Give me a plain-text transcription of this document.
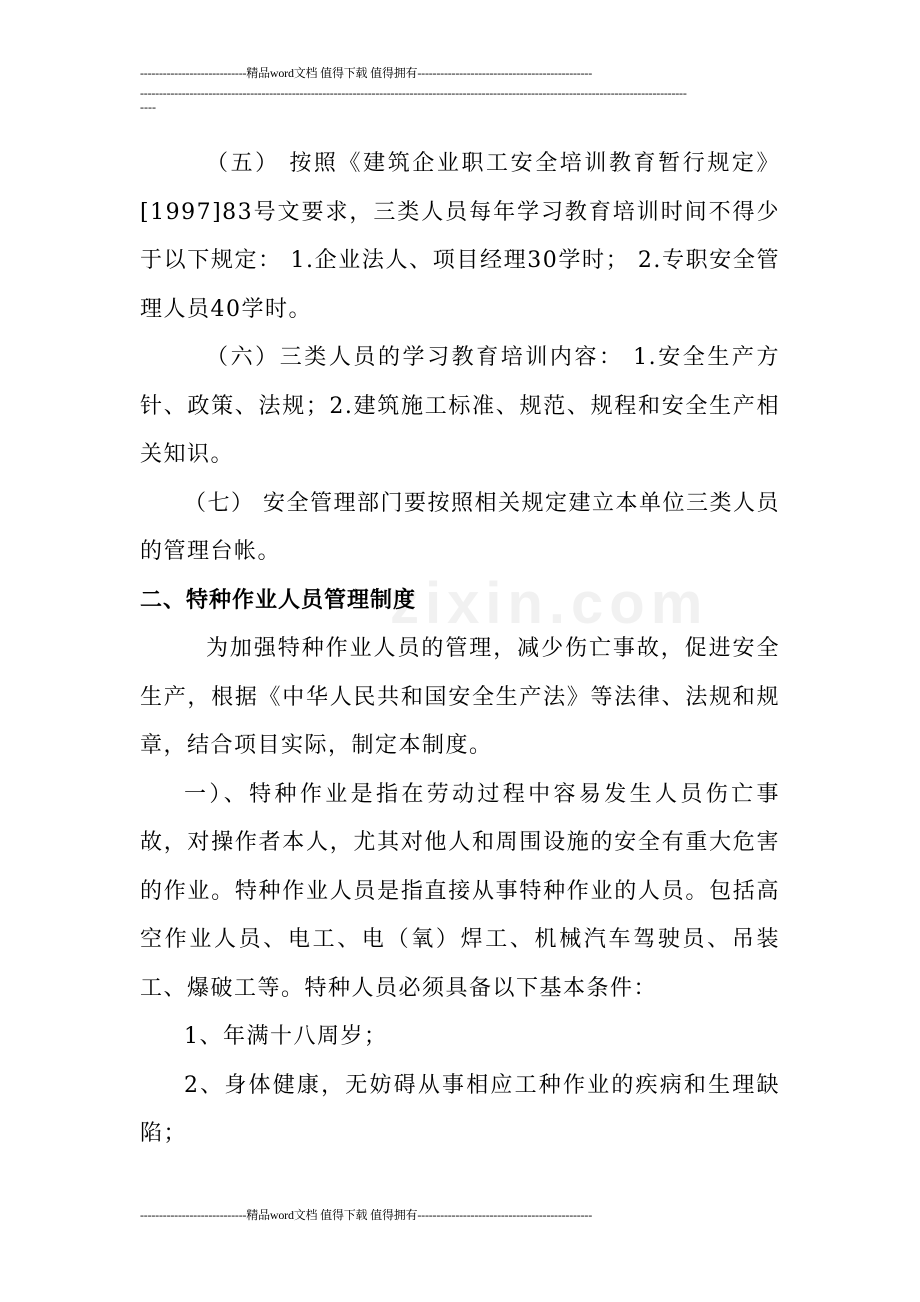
----------------------------精品word文档 值得下载 值得拥有----------------------------------------------
------------------------------------------------------------------------------------------------------------------------------------------------
----
zixin.com

（五） 按照《建筑企业职工安全培训教育暂行规定》[1997]83号文要求，三类人员每年学习教育培训时间不得少于以下规定： 1.企业法人、项目经理30学时； 2.专职安全管理人员40学时。

（六）三类人员的学习教育培训内容： 1.安全生产方针、政策、法规；2.建筑施工标准、规范、规程和安全生产相关知识。

（七） 安全管理部门要按照相关规定建立本单位三类人员的管理台帐。

二、特种作业人员管理制度

为加强特种作业人员的管理，减少伤亡事故，促进安全生产，根据《中华人民共和国安全生产法》等法律、法规和规章，结合项目实际，制定本制度。

一）、特种作业是指在劳动过程中容易发生人员伤亡事故，对操作者本人，尤其对他人和周围设施的安全有重大危害的作业。特种作业人员是指直接从事特种作业的人员。包括高空作业人员、电工、电（氧）焊工、机械汽车驾驶员、吊装工、爆破工等。特种人员必须具备以下基本条件：

1、年满十八周岁；

2、身体健康，无妨碍从事相应工种作业的疾病和生理缺陷；

----------------------------精品word文档 值得下载 值得拥有----------------------------------------------
